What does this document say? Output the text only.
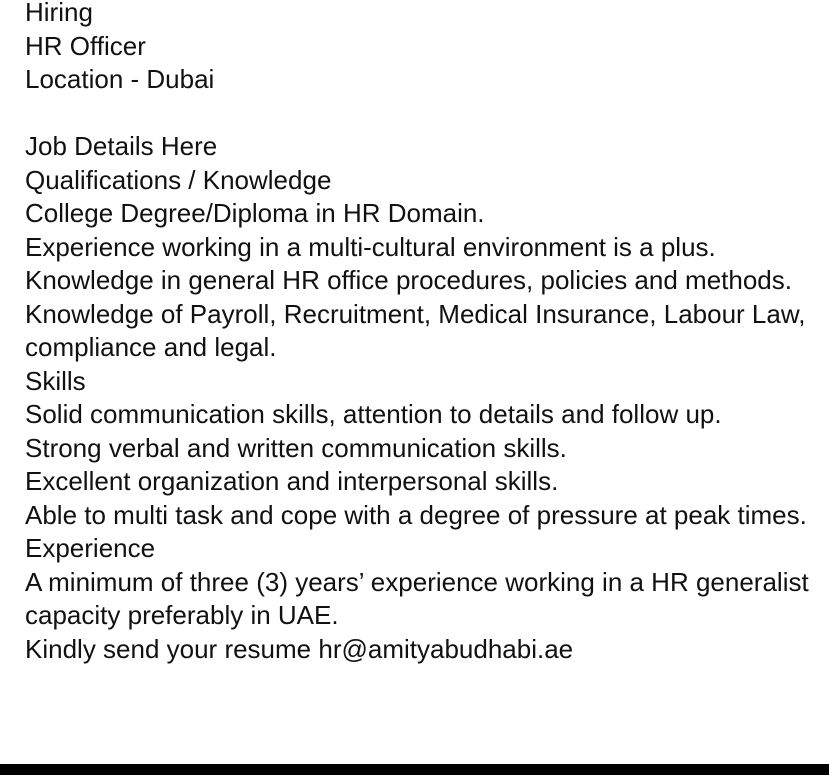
Hiring
HR Officer
Location - Dubai
Job Details Here
Qualifications / Knowledge
College Degree/Diploma in HR Domain.
Experience working in a multi-cultural environment is a plus.
Knowledge in general HR office procedures, policies and methods.
Knowledge of Payroll, Recruitment, Medical Insurance, Labour Law, compliance and legal.
Skills
Solid communication skills, attention to details and follow up.
Strong verbal and written communication skills.
Excellent organization and interpersonal skills.
Able to multi task and cope with a degree of pressure at peak times.
Experience
A minimum of three (3) years’ experience working in a HR generalist capacity preferably in UAE.
Kindly send your resume hr@amityabudhabi.ae
